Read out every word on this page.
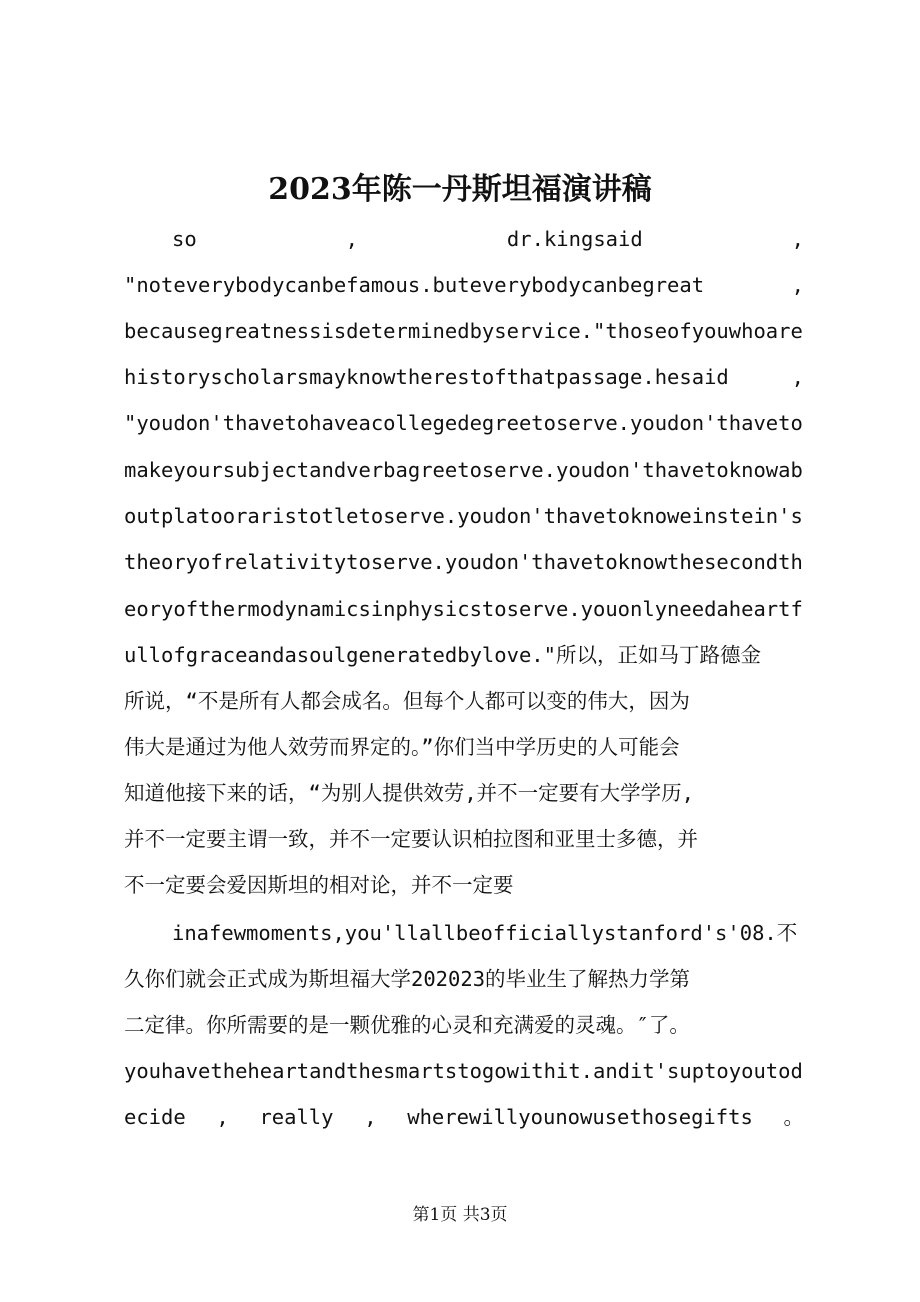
2023年陈一丹斯坦福演讲稿
so , dr.kingsaid ,
"noteverybodycanbefamous.buteverybodycanbegreat ,
becausegreatnessisdeterminedbyservice."thoseofyouwhoare
historyscholarsmayknowtherestofthatpassage.hesaid ,
"youdon'thavetohaveacollegedegreetoserve.youdon'thaveto
makeyoursubjectandverbagreetoserve.youdon'thavetoknowab
outplatooraristotletoserve.youdon'thavetoknoweinstein's
theoryofrelativitytoserve.youdon'thavetoknowthesecondth
eoryofthermodynamicsinphysicstoserve.youonlyneedaheartf
ullofgraceandasoulgeneratedbylove."所以，正如马丁路德金
所说，“不是所有人都会成名。但每个人都可以变的伟大，因为
伟大是通过为他人效劳而界定的。”你们当中学历史的人可能会
知道他接下来的话，“为别人提供效劳,并不一定要有大学学历,
并不一定要主谓一致，并不一定要认识柏拉图和亚里士多德，并
不一定要会爱因斯坦的相对论，并不一定要
inafewmoments,you'llallbeofficiallystanford's'08.不
久你们就会正式成为斯坦福大学202023的毕业生了解热力学第
二定律。你所需要的是一颗优雅的心灵和充满爱的灵魂。″了。
youhavetheheartandthesmartstogowithit.andit'suptoyoutod
ecide , really , wherewillyounowusethosegifts 。
第1页 共3页
